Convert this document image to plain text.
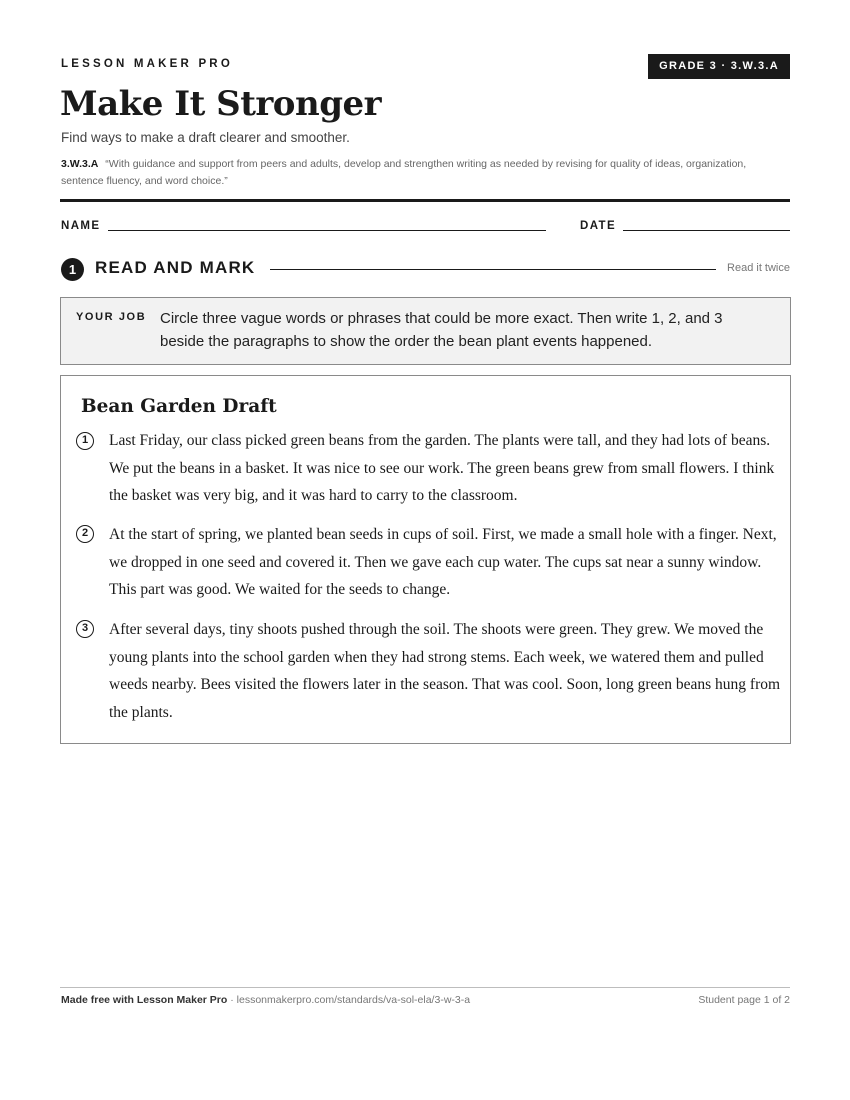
LESSON MAKER PRO	GRADE 3 · 3.W.3.A
Make It Stronger
Find ways to make a draft clearer and smoother.
3.W.3.A “With guidance and support from peers and adults, develop and strengthen writing as needed by revising for quality of ideas, organization, sentence fluency, and word choice.”
NAME	DATE
1	READ AND MARK	Read it twice
YOUR JOB Circle three vague words or phrases that could be more exact. Then write 1, 2, and 3 beside the paragraphs to show the order the bean plant events happened.
Bean Garden Draft
1	Last Friday, our class picked green beans from the garden. The plants were tall, and they had lots of beans. We put the beans in a basket. It was nice to see our work. The green beans grew from small flowers. I think the basket was very big, and it was hard to carry to the classroom.
2	At the start of spring, we planted bean seeds in cups of soil. First, we made a small hole with a finger. Next, we dropped in one seed and covered it. Then we gave each cup water. The cups sat near a sunny window. This part was good. We waited for the seeds to change.
3	After several days, tiny shoots pushed through the soil. The shoots were green. They grew. We moved the young plants into the school garden when they had strong stems. Each week, we watered them and pulled weeds nearby. Bees visited the flowers later in the season. That was cool. Soon, long green beans hung from the plants.
Made free with Lesson Maker Pro · lessonmakerpro.com/standards/va-sol-ela/3-w-3-a	Student page 1 of 2
